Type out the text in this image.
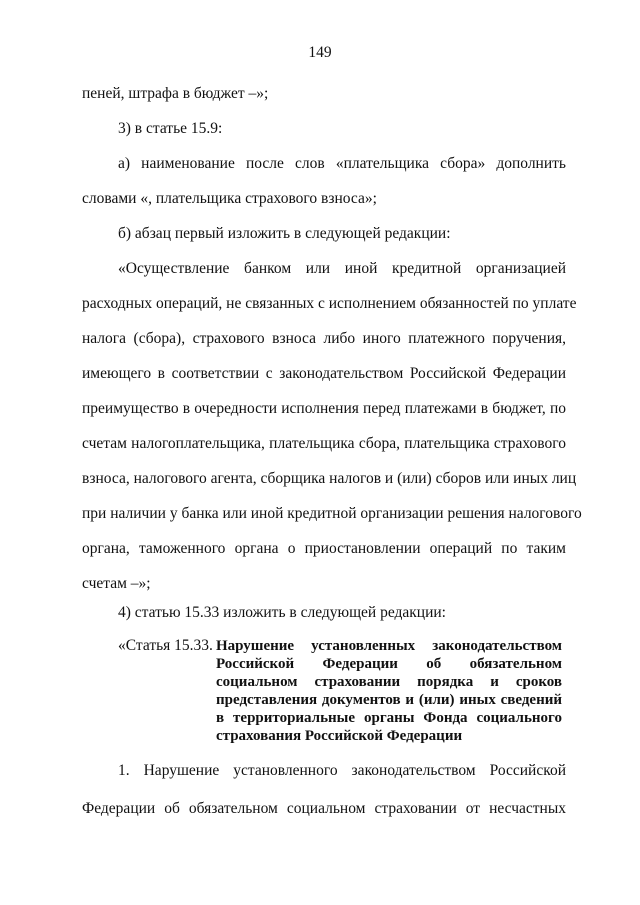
149
пеней, штрафа в бюджет –»;
3) в статье 15.9:
а) наименование после слов «плательщика сбора» дополнить
словами «, плательщика страхового взноса»;
б) абзац первый изложить в следующей редакции:
«Осуществление банком или иной кредитной организацией
расходных операций, не связанных с исполнением обязанностей по уплате
налога (сбора), страхового взноса либо иного платежного поручения,
имеющего в соответствии с законодательством Российской Федерации
преимущество в очередности исполнения перед платежами в бюджет, по
счетам налогоплательщика, плательщика сбора, плательщика страхового
взноса, налогового агента, сборщика налогов и (или) сборов или иных лиц
при наличии у банка или иной кредитной организации решения налогового
органа, таможенного органа о приостановлении операций по таким
счетам –»;
4) статью 15.33 изложить в следующей редакции:
«Статья 15.33. Нарушение установленных законодательством
Российской Федерации об обязательном
социальном страховании порядка и сроков
представления документов и (или) иных сведений
в территориальные органы Фонда социального
страхования Российской Федерации
1. Нарушение установленного законодательством Российской
Федерации об обязательном социальном страховании от несчастных
